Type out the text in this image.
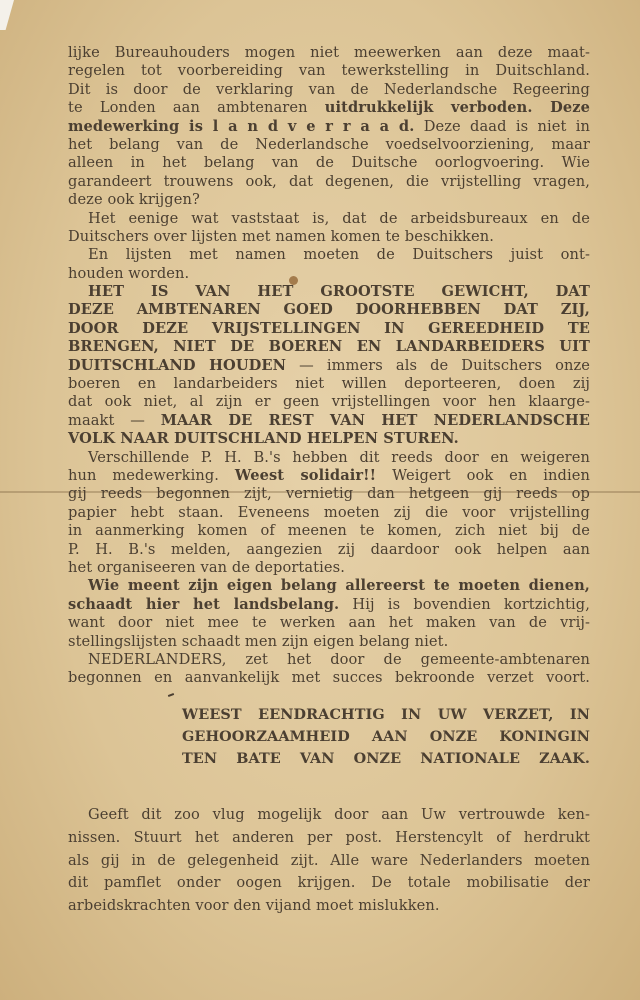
lijke Bureauhouders mogen niet meewerken aan deze maat-
regelen tot voorbereiding van tewerkstelling in Duitschland.
Dit is door de verklaring van de Nederlandsche Regeering
te Londen aan ambtenaren uitdrukkelijk verboden. Deze
medewerking is l a n d v e r r a a d. Deze daad is niet in
het belang van de Nederlandsche voedselvoorziening, maar
alleen in het belang van de Duitsche oorlogvoering. Wie
garandeert trouwens ook, dat degenen, die vrijstelling vragen,
deze ook krijgen?
Het eenige wat vaststaat is, dat de arbeidsbureaux en de
Duitschers over lijsten met namen komen te beschikken.
En lijsten met namen moeten de Duitschers juist ont-
houden worden.
HET IS VAN HET GROOTSTE GEWICHT, DAT
DEZE AMBTENAREN GOED DOORHEBBEN DAT ZIJ,
DOOR DEZE VRIJSTELLINGEN IN GEREEDHEID TE
BRENGEN, NIET DE BOEREN EN LANDARBEIDERS UIT
DUITSCHLAND HOUDEN — immers als de Duitschers onze
boeren en landarbeiders niet willen deporteeren, doen zij
dat ook niet, al zijn er geen vrijstellingen voor hen klaarge-
maakt — MAAR DE REST VAN HET NEDERLANDSCHE
VOLK NAAR DUITSCHLAND HELPEN STUREN.
Verschillende P. H. B.'s hebben dit reeds door en weigeren
hun medewerking. Weest solidair!! Weigert ook en indien
gij reeds begonnen zijt, vernietig dan hetgeen gij reeds op
papier hebt staan. Eveneens moeten zij die voor vrijstelling
in aanmerking komen of meenen te komen, zich niet bij de
P. H. B.'s melden, aangezien zij daardoor ook helpen aan
het organiseeren van de deportaties.
Wie meent zijn eigen belang allereerst te moeten dienen,
schaadt hier het landsbelang. Hij is bovendien kortzichtig,
want door niet mee te werken aan het maken van de vrij-
stellingslijsten schaadt men zijn eigen belang niet.
NEDERLANDERS, zet het door de gemeente-ambtenaren
begonnen en aanvankelijk met succes bekroonde verzet voort.
WEEST EENDRACHTIG IN UW VERZET, IN
GEHOORZAAMHEID AAN ONZE KONINGIN
TEN BATE VAN ONZE NATIONALE ZAAK.
Geeft dit zoo vlug mogelijk door aan Uw vertrouwde ken-
nissen. Stuurt het anderen per post. Herstencylt of herdrukt
als gij in de gelegenheid zijt. Alle ware Nederlanders moeten
dit pamflet onder oogen krijgen. De totale mobilisatie der
arbeidskrachten voor den vijand moet mislukken.
